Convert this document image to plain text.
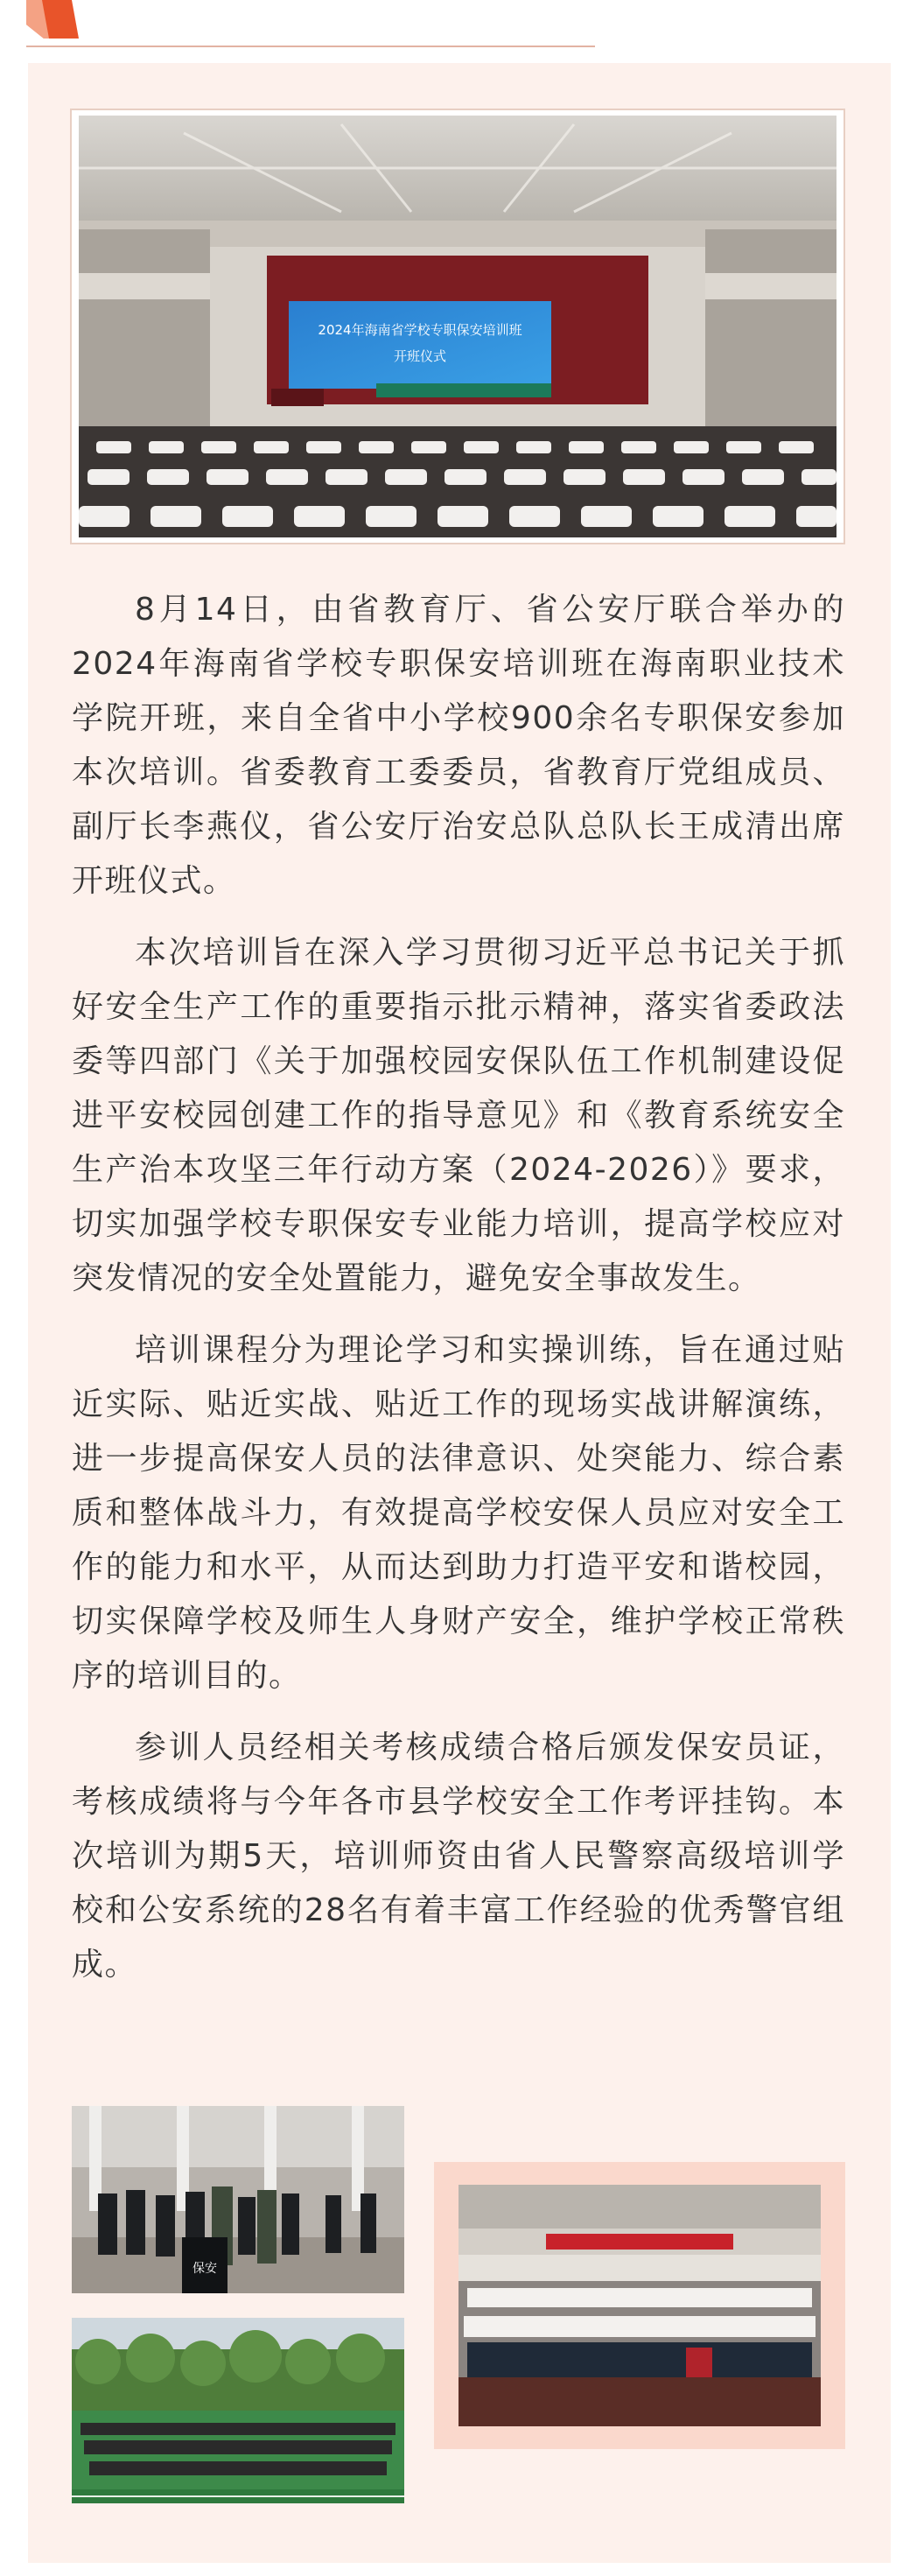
2024年海南省学校专职保安培训班
开班仪式

8月14日，由省教育厅、省公安厅联合举办的2024年海南省学校专职保安培训班在海南职业技术学院开班，来自全省中小学校900余名专职保安参加本次培训。省委教育工委委员，省教育厅党组成员、副厅长李燕仪，省公安厅治安总队总队长王成清出席开班仪式。

本次培训旨在深入学习贯彻习近平总书记关于抓好安全生产工作的重要指示批示精神，落实省委政法委等四部门《关于加强校园安保队伍工作机制建设促进平安校园创建工作的指导意见》和《教育系统安全生产治本攻坚三年行动方案（2024-2026）》要求，切实加强学校专职保安专业能力培训，提高学校应对突发情况的安全处置能力，避免安全事故发生。

培训课程分为理论学习和实操训练，旨在通过贴近实际、贴近实战、贴近工作的现场实战讲解演练，进一步提高保安人员的法律意识、处突能力、综合素质和整体战斗力，有效提高学校安保人员应对安全工作的能力和水平，从而达到助力打造平安和谐校园，切实保障学校及师生人身财产安全，维护学校正常秩序的培训目的。

参训人员经相关考核成绩合格后颁发保安员证，考核成绩将与今年各市县学校安全工作考评挂钩。本次培训为期5天，培训师资由省人民警察高级培训学校和公安系统的28名有着丰富工作经验的优秀警官组成。

保安
